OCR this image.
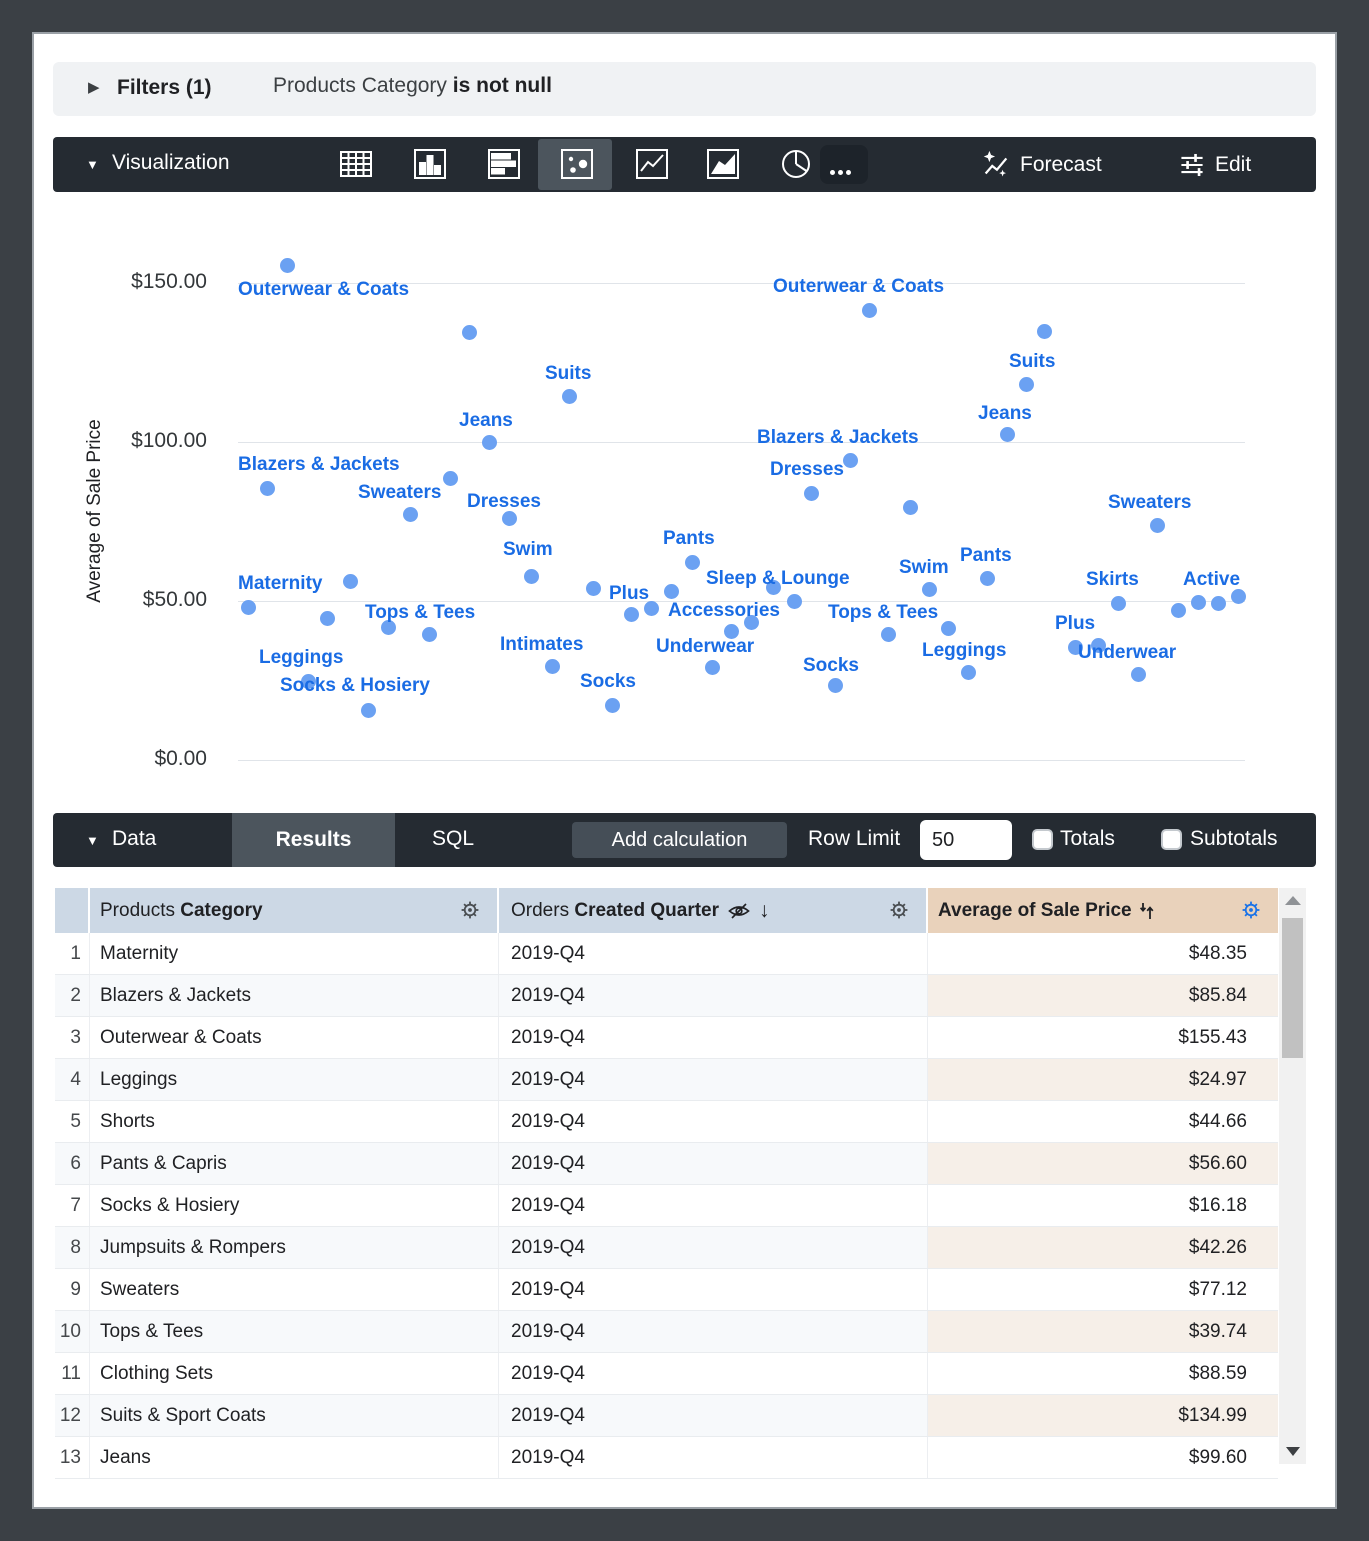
▶ Filters (1)	Products Category is not null
▼ Visualization	Forecast	Edit
Average of Sale Price
$150.00
$100.00
$50.00
$0.00
Outerwear & Coats
Suits
Jeans
Blazers & Jackets
Sweaters Dresses
Swim
Pants
Maternity
Tops & Tees
Plus
Sleep & Lounge
Accessories
Intimates	Underwear
Leggings
Socks & Hosiery	Socks
Outerwear & Coats
Suits
Jeans
Blazers & Jackets
Dresses
Sweaters
Swim
Pants
Skirts Active
Tops & Tees
Plus
Leggings	Underwear
Socks
▼ Data	Results	SQL	Add calculation	Row Limit
50	Totals	Subtotals
Products Category	Orders Created Quarter ↓	Average of Sale Price
1	Maternity	2019-Q4	$48.35
2	Blazers & Jackets	2019-Q4	$85.84
3	Outerwear & Coats	2019-Q4	$155.43
4	Leggings	2019-Q4	$24.97
5	Shorts	2019-Q4	$44.66
6	Pants & Capris	2019-Q4	$56.60
7	Socks & Hosiery	2019-Q4	$16.18
8	Jumpsuits & Rompers	2019-Q4	$42.26
9	Sweaters	2019-Q4	$77.12
10	Tops & Tees	2019-Q4	$39.74
11	Clothing Sets	2019-Q4	$88.59
12	Suits & Sport Coats	2019-Q4	$134.99
13	Jeans	2019-Q4	$99.60
